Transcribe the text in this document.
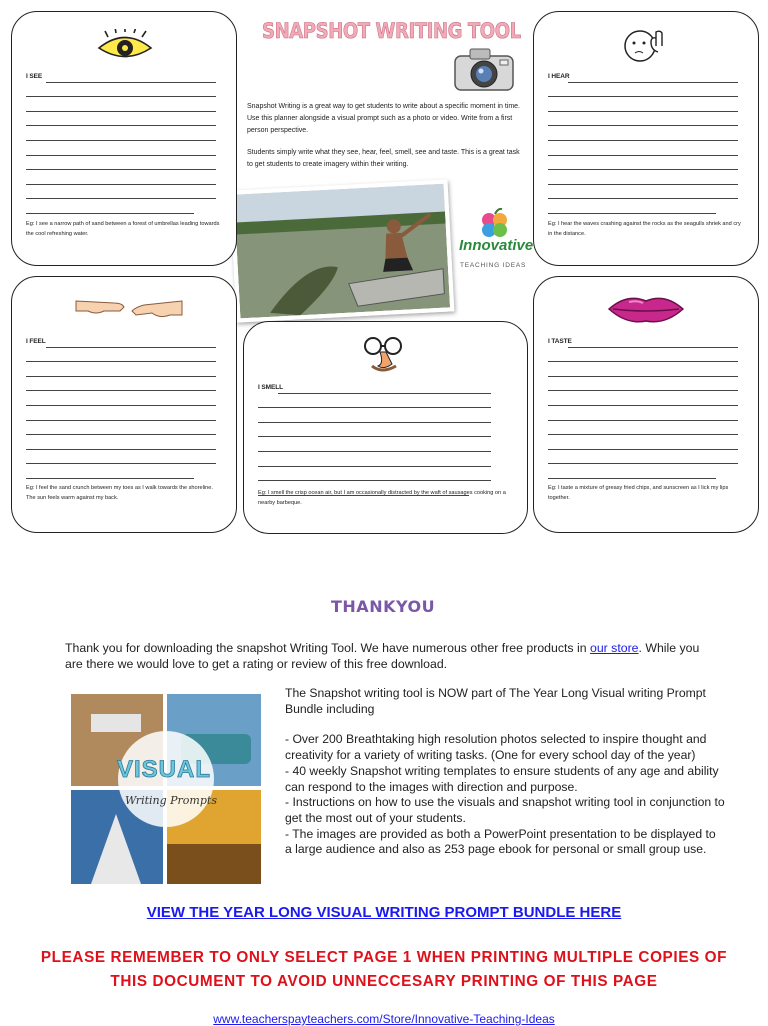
SNAPSHOT WRITING TOOL
Snapshot Writing is a great way to get students to write about a specific moment in time. Use this planner alongside a visual prompt such as a photo or video. Write from a first person perspective.
Students simply write what they see, hear, feel, smell, see and taste. This is a great task to get students to create imagery within their writing.
Innovative
TEACHING IDEAS
I SEE
Eg: I see a narrow path of sand between a forest of umbrellas leading towards the cool refreshing water.
I HEAR
Eg: I hear the waves crashing against the rocks as the seagulls shriek and cry in the distance.
I FEEL
Eg: I feel the sand crunch between my toes as I walk towards the shoreline. The sun feels warm against my back.
I SMELL
Eg: I smell the crisp ocean air, but I am occasionally distracted by the waft of sausages cooking on a nearby barbeque.
I TASTE
Eg: I taste a mixture of greasy fried chips, and sunscreen as I lick my lips together.
THANKYOU
Thank you for downloading the snapshot Writing Tool. We have numerous other free products in our store. While you are there we would love to get a rating or review of this free download.
VISUAL
Writing Prompts
The Snapshot writing tool is NOW part of The Year Long Visual writing Prompt Bundle including
- Over 200 Breathtaking high resolution photos selected to inspire thought and creativity for a variety of writing tasks. (One for every school day of the year)
- 40 weekly Snapshot writing templates to ensure students of any age and ability can respond to the images with direction and purpose.
- Instructions on how to use the visuals and snapshot writing tool in conjunction to get the most out of your students.
- The images are provided as both a PowerPoint presentation to be displayed to a large audience and also as 253 page ebook for personal or small group use.
VIEW THE YEAR LONG VISUAL WRITING PROMPT BUNDLE HERE
PLEASE REMEMBER TO ONLY SELECT PAGE 1 WHEN PRINTING MULTIPLE COPIES OF
THIS DOCUMENT TO AVOID UNNECCESARY PRINTING OF THIS PAGE
www.teacherspayteachers.com/Store/Innovative-Teaching-Ideas
